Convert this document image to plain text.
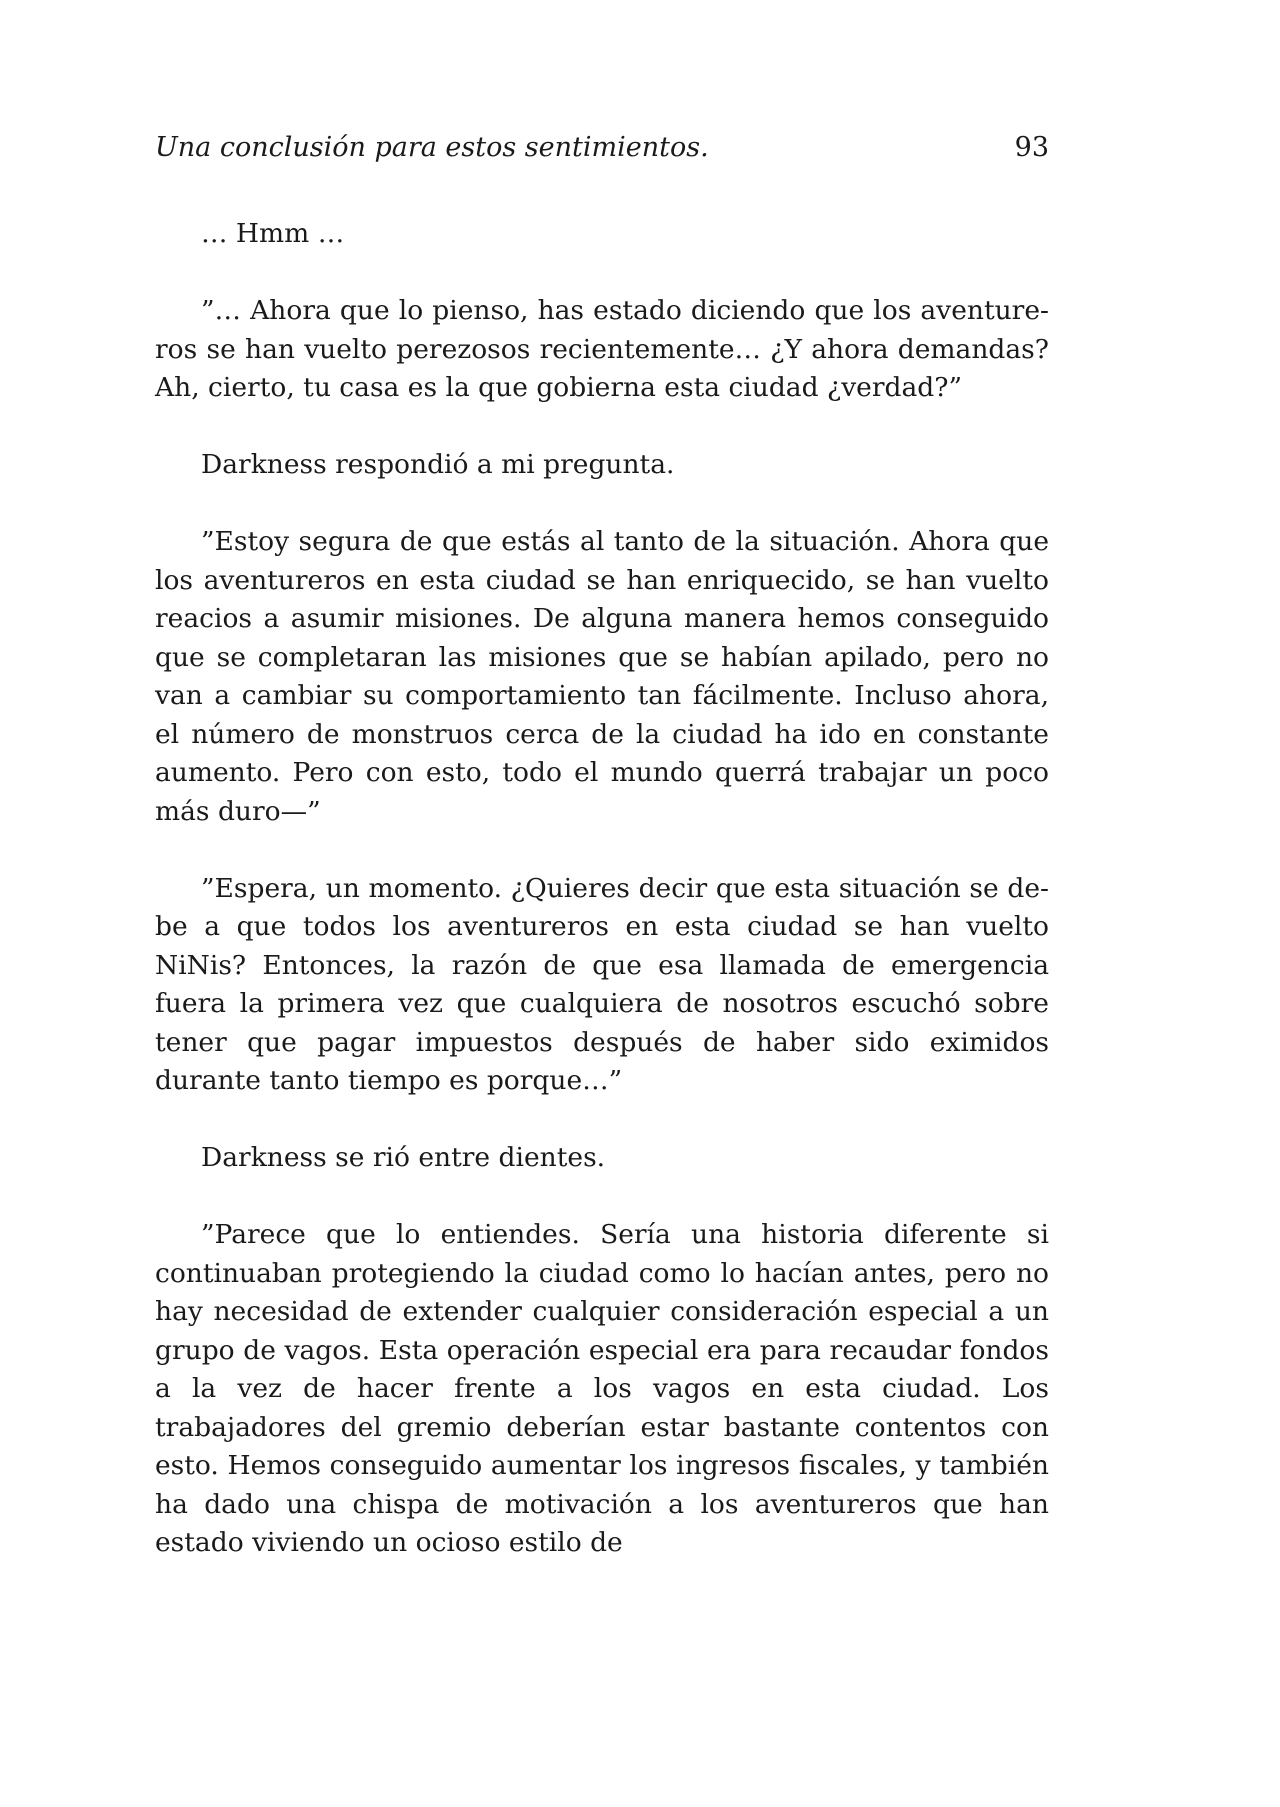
Una conclusión para estos sentimientos.	93

… Hmm …

”… Ahora que lo pienso, has estado diciendo que los aventureros se han vuelto perezosos recientemente… ¿Y ahora demandas? Ah, cierto, tu casa es la que gobierna esta ciudad ¿verdad?”

Darkness respondió a mi pregunta.

”Estoy segura de que estás al tanto de la situación. Ahora que los aventureros en esta ciudad se han enriquecido, se han vuelto reacios a asumir misiones. De alguna manera hemos conseguido que se completaran las misiones que se habían apilado, pero no van a cambiar su comportamiento tan fácilmente. Incluso ahora, el número de monstruos cerca de la ciudad ha ido en constante aumento. Pero con esto, todo el mundo querrá trabajar un poco más duro—”

”Espera, un momento. ¿Quieres decir que esta situación se debe a que todos los aventureros en esta ciudad se han vuelto NiNis? Entonces, la razón de que esa llamada de emergencia fuera la primera vez que cualquiera de nosotros escuchó sobre tener que pagar impuestos después de haber sido eximidos durante tanto tiempo es porque…”

Darkness se rió entre dientes.

”Parece que lo entiendes. Sería una historia diferente si continuaban protegiendo la ciudad como lo hacían antes, pero no hay necesidad de extender cualquier consideración especial a un grupo de vagos. Esta operación especial era para recaudar fondos a la vez de hacer frente a los vagos en esta ciudad. Los trabajadores del gremio deberían estar bastante contentos con esto. Hemos conseguido aumentar los ingresos fiscales, y también ha dado una chispa de motivación a los aventureros que han estado viviendo un ocioso estilo de
